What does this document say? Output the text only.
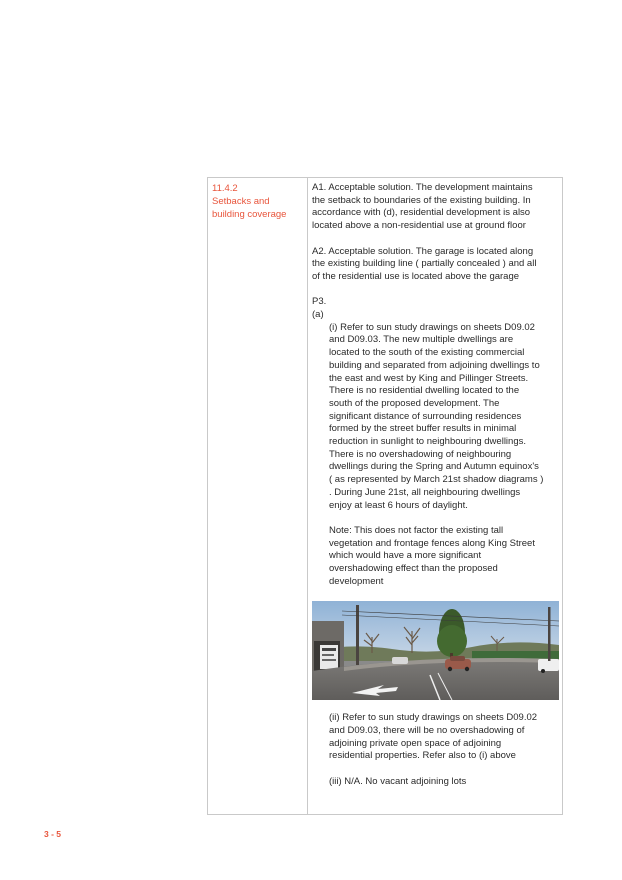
11.4.2
Setbacks and
building coverage
A1. Acceptable solution. The development maintains
the setback to boundaries of the existing building. In
accordance with (d), residential development is also
located above a non-residential use at ground floor
A2. Acceptable solution. The garage is located along
the existing building line ( partially concealed ) and all
of the residential use is located above the garage
P3.
(a)
(i) Refer to sun study drawings on sheets D09.02
and D09.03. The new multiple dwellings are
located to the south of the existing commercial
building and separated from adjoining dwellings to
the east and west by King and Pillinger Streets.
There is no residential dwelling located to the
south of the proposed development. The
significant distance of surrounding residences
formed by the street buffer results in minimal
reduction in sunlight to neighbouring dwellings.
There is no overshadowing of neighbouring
dwellings during the Spring and Autumn equinox's
( as represented by March 21st shadow diagrams )
. During June 21st, all neighbouring dwellings
enjoy at least 6 hours of daylight.
Note: This does not factor the existing tall
vegetation and frontage fences along King Street
which would have a more significant
overshadowing effect than the proposed
development
(ii) Refer to sun study drawings on sheets D09.02
and D09.03, there will be no overshadowing of
adjoining private open space of adjoining
residential properties. Refer also to (i) above
(iii) N/A. No vacant adjoining lots
3 - 5
